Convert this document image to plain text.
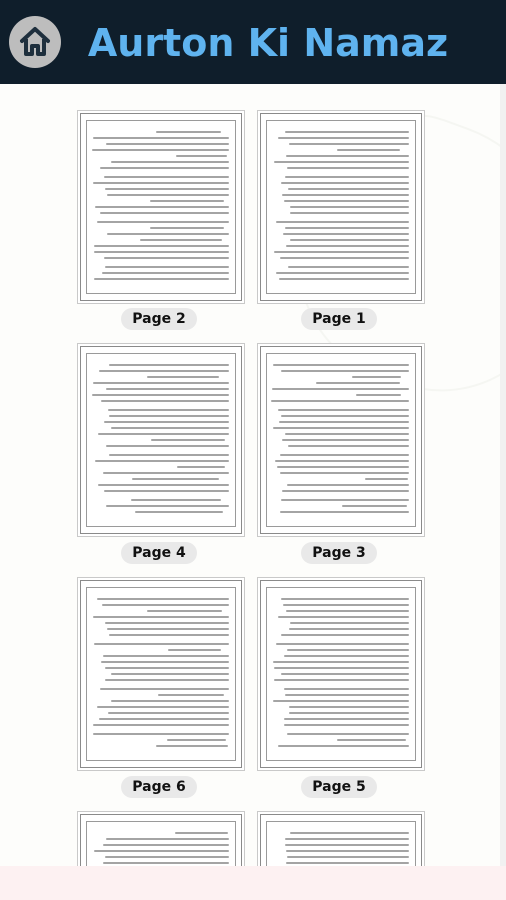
Aurton Ki Namaz
Page 2	Page 1
Page 4	Page 3
Page 6	Page 5
